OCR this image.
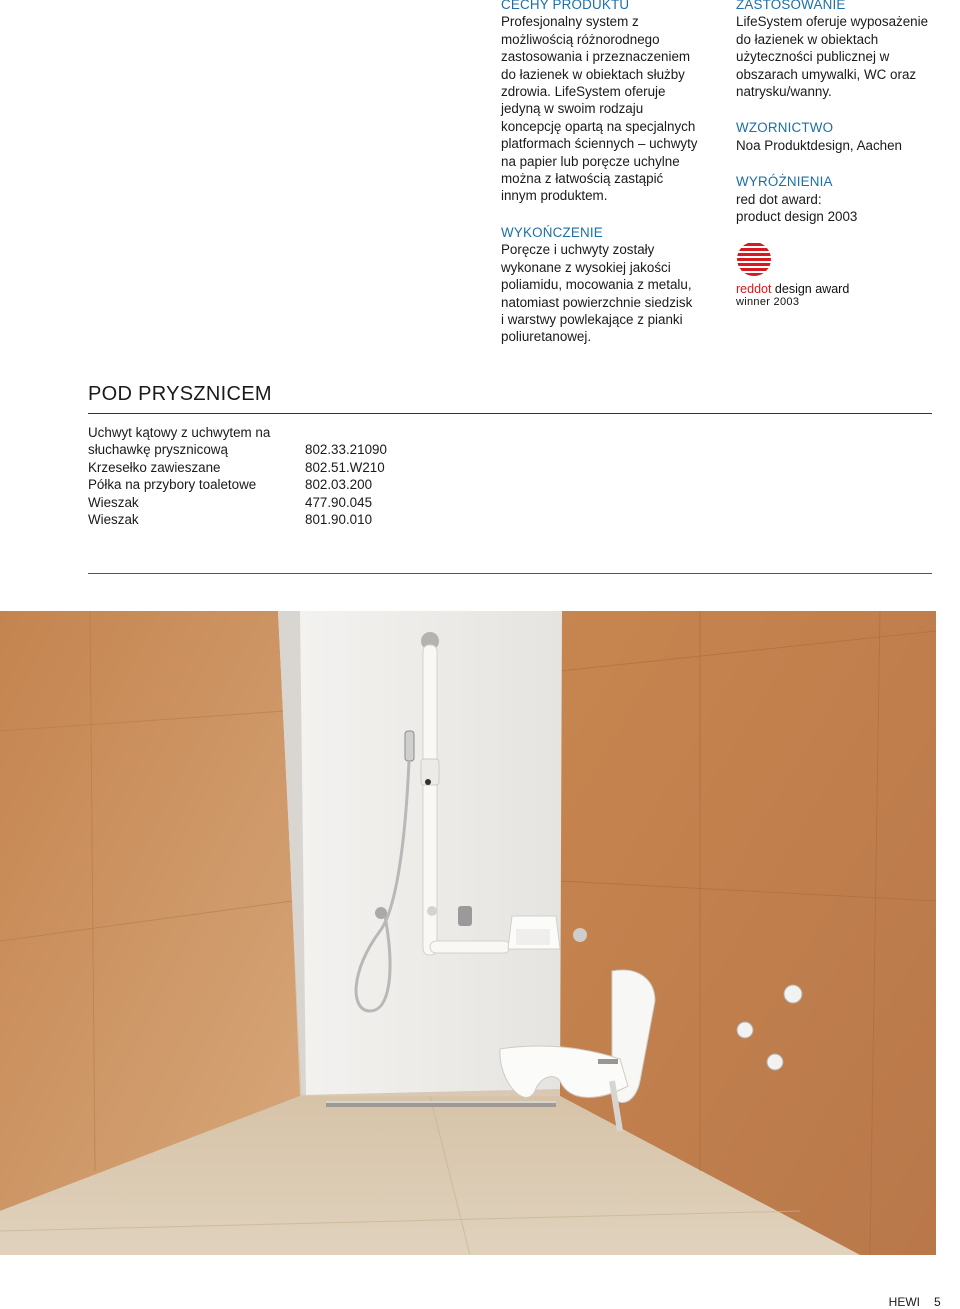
CECHY PRODUKTU

Profesjonalny system z

możliwością różnorodnego

zastosowania i przeznaczeniem

do łazienek w obiektach służby

zdrowia. LifeSystem oferuje

jedyną w swoim rodzaju

koncepcję opartą na specjalnych

platformach ściennych – uchwyty

na papier lub poręcze uchylne

można z łatwością zastąpić

innym produktem.

WYKOŃCZENIE

Poręcze i uchwyty zostały

wykonane z wysokiej jakości

poliamidu, mocowania z metalu,

natomiast powierzchnie siedzisk

i warstwy powlekające z pianki

poliuretanowej.

ZASTOSOWANIE

LifeSystem oferuje wyposażenie

do łazienek w obiektach

użyteczności publicznej w

obszarach umywalki, WC oraz

natrysku/wanny.

WZORNICTWO

Noa Produktdesign, Aachen

WYRÓŻNIENIA

red dot award:

product design 2003

reddot design award
winner 2003
POD PRYSZNICEM
Uchwyt kątowy z uchwytem na
słuchawkę prysznicową	802.33.21090
Krzesełko zawieszane	802.51.W210
Półka na przybory toaletowe	802.03.200
Wieszak	477.90.045
Wieszak	801.90.010
HEWI 5
